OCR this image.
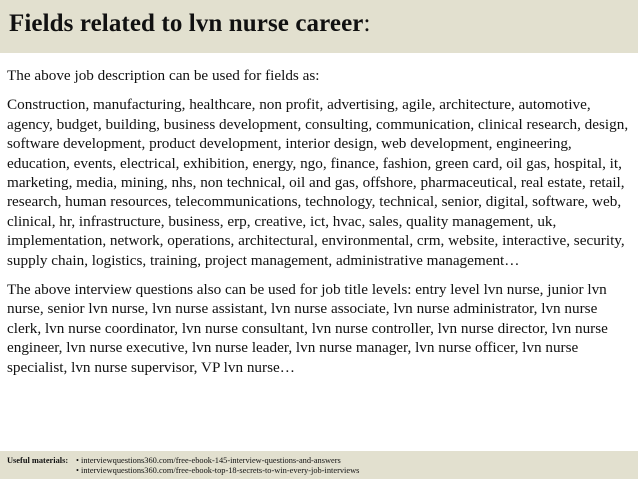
Fields related to lvn nurse career:

The above job description can be used for fields as:

Construction, manufacturing, healthcare, non profit, advertising, agile, architecture, automotive, agency, budget, building, business development, consulting, communication, clinical research, design, software development, product development, interior design, web development, engineering, education, events, electrical, exhibition, energy, ngo, finance, fashion, green card, oil gas, hospital, it, marketing, media, mining, nhs, non technical, oil and gas, offshore, pharmaceutical, real estate, retail, research, human resources, telecommunications, technology, technical, senior, digital, software, web, clinical, hr, infrastructure, business, erp, creative, ict, hvac, sales, quality management, uk, implementation, network, operations, architectural, environmental, crm, website, interactive, security, supply chain, logistics, training, project management, administrative management…

The above interview questions also can be used for job title levels: entry level lvn nurse, junior lvn nurse, senior lvn nurse, lvn nurse assistant, lvn nurse associate, lvn nurse administrator, lvn nurse clerk, lvn nurse coordinator, lvn nurse consultant, lvn nurse controller, lvn nurse director, lvn nurse engineer, lvn nurse executive, lvn nurse leader, lvn nurse manager, lvn nurse officer, lvn nurse specialist, lvn nurse supervisor, VP lvn nurse…

Useful materials: • interviewquestions360.com/free-ebook-145-interview-questions-and-answers
• interviewquestions360.com/free-ebook-top-18-secrets-to-win-every-job-interviews
